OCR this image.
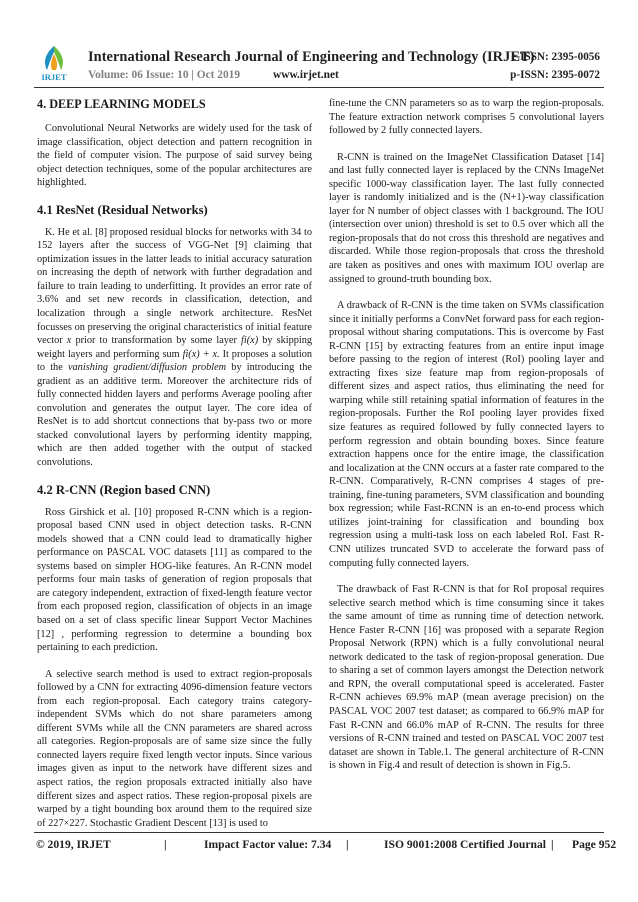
IRJET
International Research Journal of Engineering and Technology (IRJET)
e-ISSN: 2395-0056
Volume: 06 Issue: 10 | Oct 2019	www.irjet.net	p-ISSN: 2395-0072
4. DEEP LEARNING MODELS

Convolutional Neural Networks are widely used for the task of image classification, object detection and pattern recognition in the field of computer vision. The purpose of said survey being object detection techniques, some of the popular architectures are highlighted.

4.1 ResNet (Residual Networks)

K. He et al. [8] proposed residual blocks for networks with 34 to 152 layers after the success of VGG-Net [9] claiming that optimization issues in the latter leads to initial accuracy saturation on increasing the depth of network with further degradation and failure to train leading to underfitting. It provides an error rate of 3.6% and set new records in classification, detection, and localization through a single network architecture. ResNet focusses on preserving the original characteristics of initial feature vector x prior to transformation by some layer fi(x) by skipping weight layers and performing sum fi(x) + x. It proposes a solution to the vanishing gradient/diffusion problem by introducing the gradient as an additive term. Moreover the architecture rids of fully connected hidden layers and performs Average pooling after convolution and generates the output layer. The core idea of ResNet is to add shortcut connections that by-pass two or more stacked convolutional layers by performing identity mapping, which are then added together with the output of stacked convolutions.

4.2 R-CNN (Region based CNN)

Ross Girshick et al. [10] proposed R-CNN which is a region-proposal based CNN used in object detection tasks. R-CNN models showed that a CNN could lead to dramatically higher performance on PASCAL VOC datasets [11] as compared to the systems based on simpler HOG-like features. An R-CNN model performs four main tasks of generation of region proposals that are category independent, extraction of fixed-length feature vector from each proposed region, classification of objects in an image based on a set of class specific linear Support Vector Machines [12] , performing regression to determine a bounding box pertaining to each prediction.

A selective search method is used to extract region-proposals followed by a CNN for extracting 4096-dimension feature vectors from each region-proposal. Each category trains category-independent SVMs which do not share parameters among different SVMs while all the CNN parameters are shared across all categories. Region-proposals are of same size since the fully connected layers require fixed length vector inputs. Since various images given as input to the network have different sizes and aspect ratios, the region proposals extracted initially also have different sizes and aspect ratios. These region-proposal pixels are warped by a tight bounding box around them to the required size of 227×227. Stochastic Gradient Descent [13] is used to

fine-tune the CNN parameters so as to warp the region-proposals. The feature extraction network comprises 5 convolutional layers followed by 2 fully connected layers.

R-CNN is trained on the ImageNet Classification Dataset [14] and last fully connected layer is replaced by the CNNs ImageNet specific 1000-way classification layer. The last fully connected layer is randomly initialized and is the (N+1)-way classification layer for N number of object classes with 1 background. The IOU (intersection over union) threshold is set to 0.5 over which all the region-proposals that do not cross this threshold are negatives and discarded. While those region-proposals that cross the threshold are taken as positives and ones with maximum IOU overlap are assigned to ground-truth bounding box.

A drawback of R-CNN is the time taken on SVMs classification since it initially performs a ConvNet forward pass for each region-proposal without sharing computations. This is overcome by Fast R-CNN [15] by extracting features from an entire input image before passing to the region of interest (RoI) pooling layer and extracting fixes size feature map from region-proposals of different sizes and aspect ratios, thus eliminating the need for warping while still retaining spatial information of features in the region-proposals. Further the RoI pooling layer provides fixed size features as required followed by fully connected layers to perform regression and obtain bounding boxes. Since feature extraction happens once for the entire image, the classification and localization at the CNN occurs at a faster rate compared to the R-CNN. Comparatively, R-CNN comprises 4 stages of pre-training, fine-tuning parameters, SVM classification and bounding box regression; while Fast-RCNN is an en-to-end process which utilizes joint-training for classification and bounding box regression using a multi-task loss on each labeled RoI. Fast R-CNN utilizes truncated SVD to accelerate the forward pass of computing fully connected layers.

The drawback of Fast R-CNN is that for RoI proposal requires selective search method which is time consuming since it takes the same amount of time as running time of detection network. Hence Faster R-CNN [16] was proposed with a separate Region Proposal Network (RPN) which is a fully convolutional neural network dedicated to the task of region-proposal generation. Due to sharing a set of common layers amongst the Detection network and RPN, the overall computational speed is accelerated. Faster R-CNN achieves 69.9% mAP (mean average precision) on the PASCAL VOC 2007 test dataset; as compared to 66.9% mAP for Fast R-CNN and 66.0% mAP of R-CNN. The results for three versions of R-CNN trained and tested on PASCAL VOC 2007 test dataset are shown in Table.1. The general architecture of R-CNN is shown in Fig.4 and result of detection is shown in Fig.5.

© 2019, IRJET	|	Impact Factor value: 7.34 |	ISO 9001:2008 Certified Journal | Page 952
